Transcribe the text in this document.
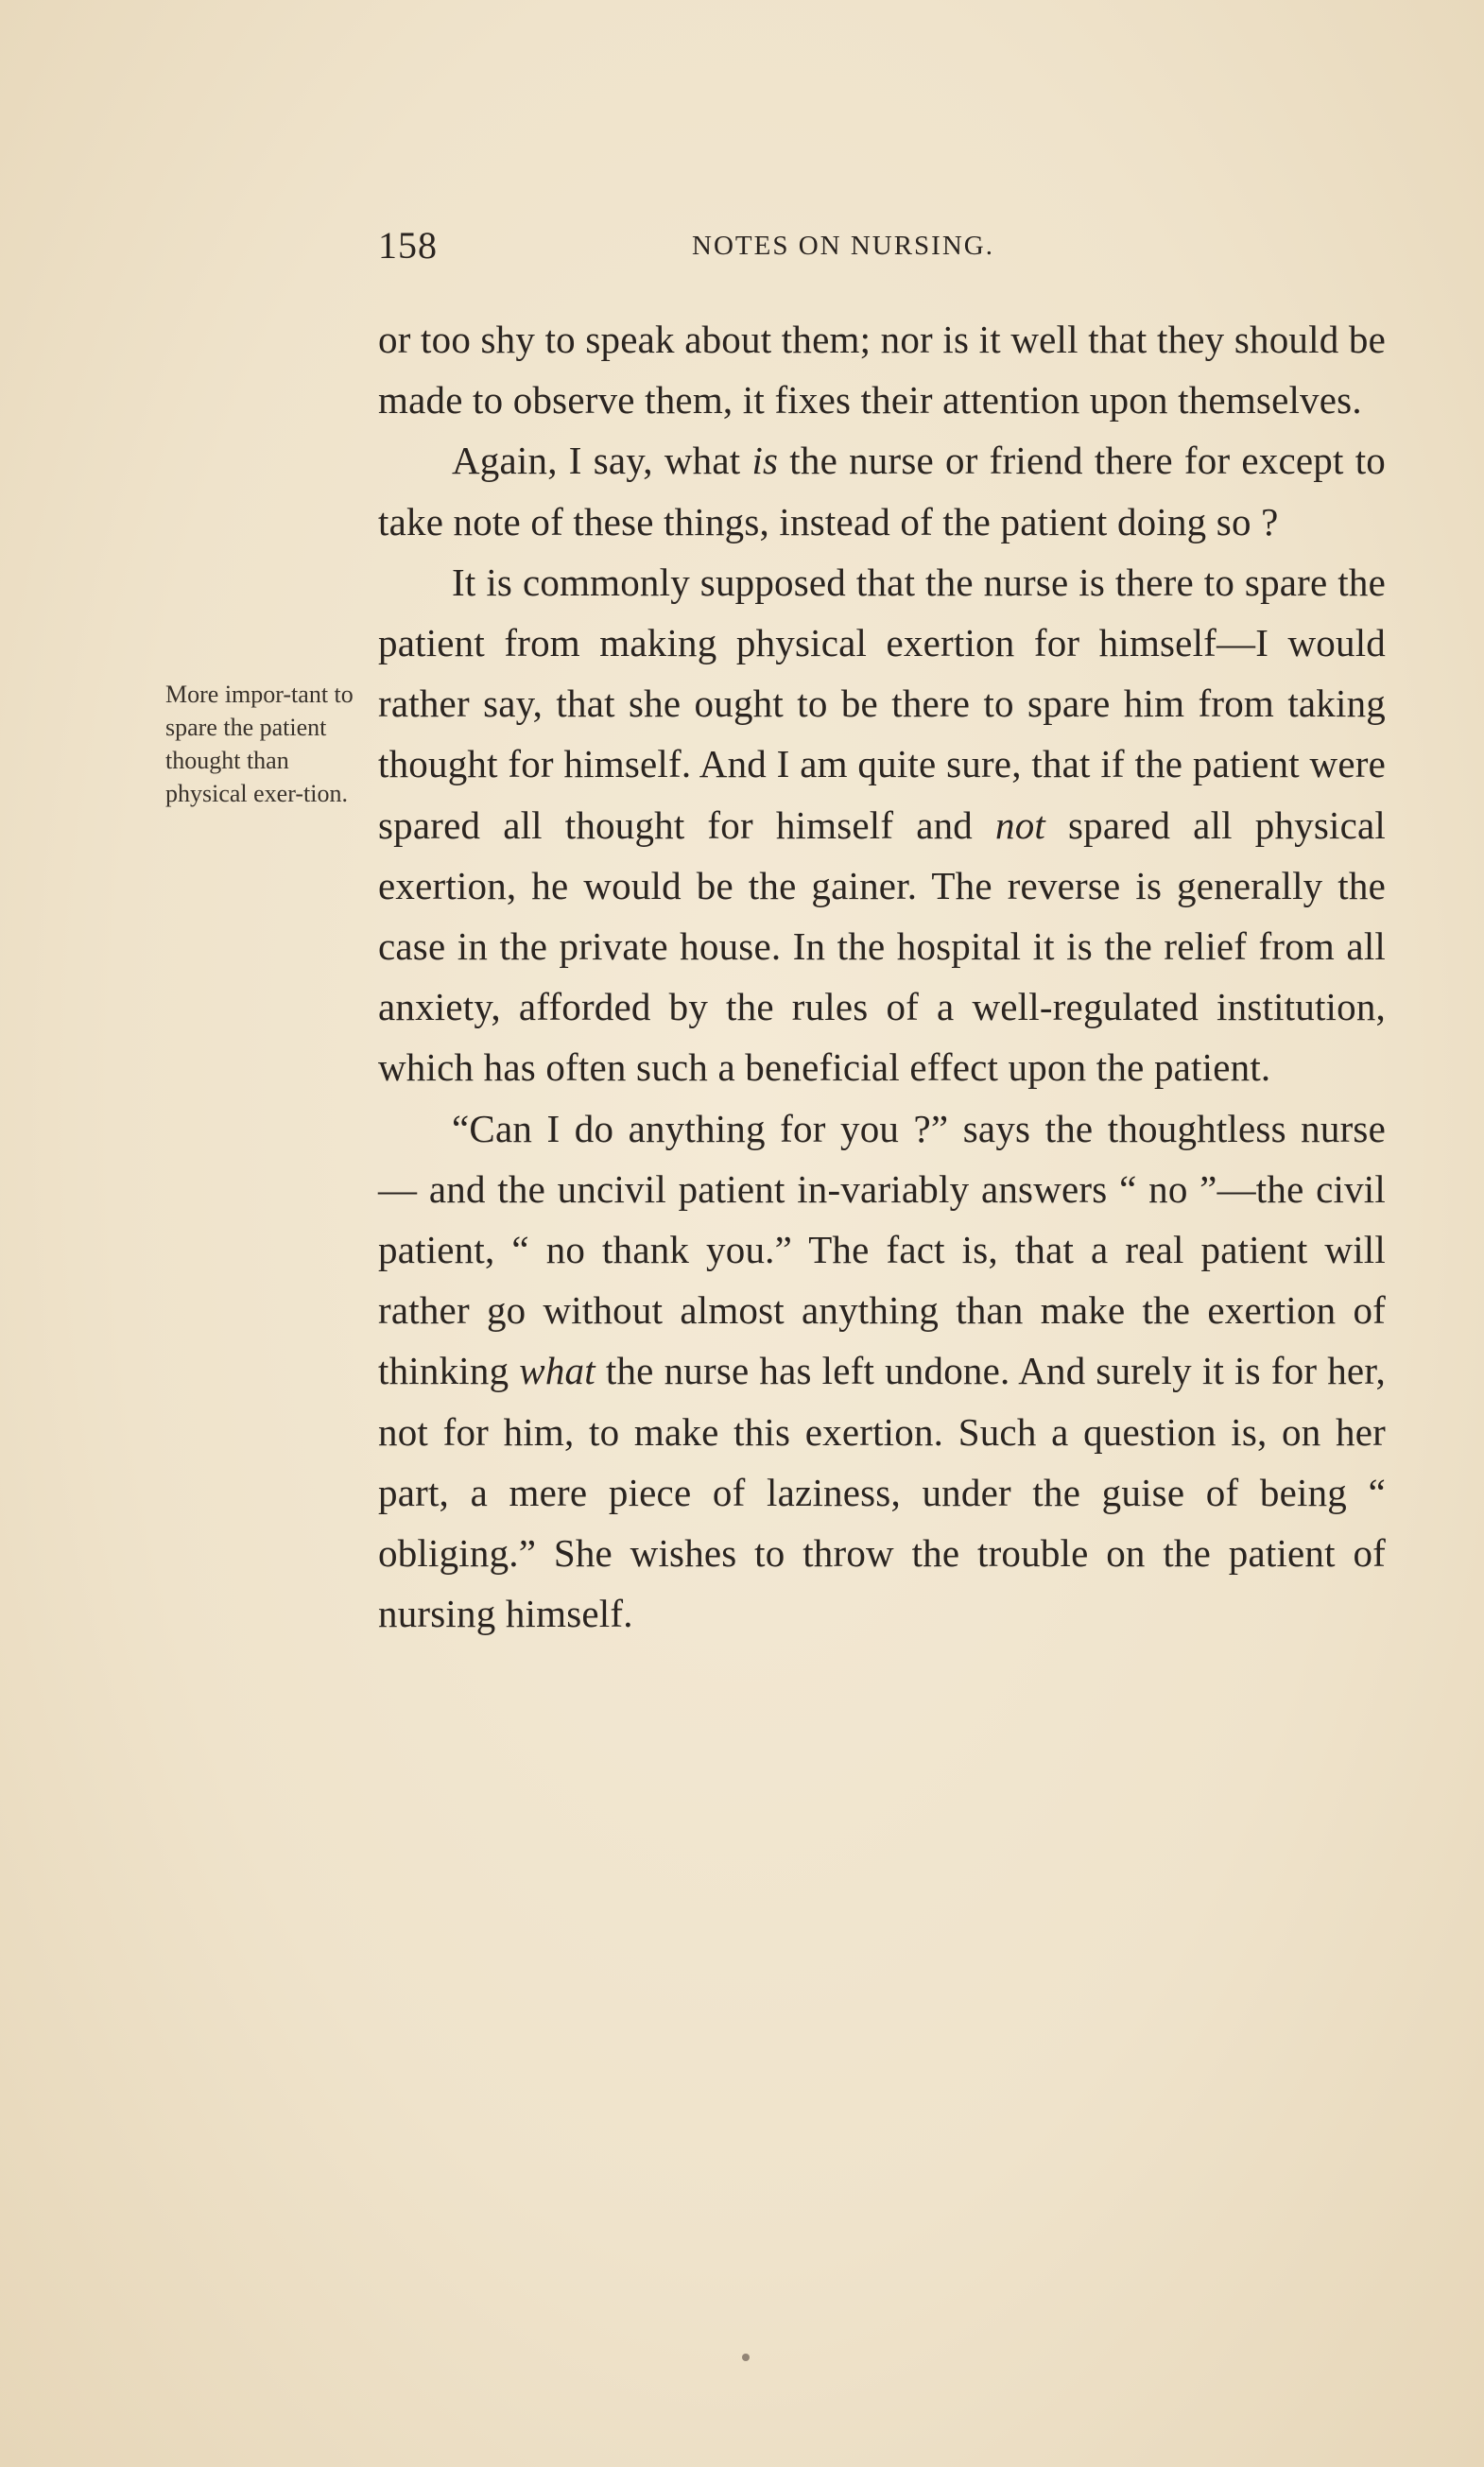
158	NOTES ON NURSING.
More impor-tant to spare the patient thought than physical exer-tion.

or too shy to speak about them; nor is it well that they should be made to observe them, it fixes their attention upon themselves.

Again, I say, what is the nurse or friend there for except to take note of these things, instead of the patient doing so ?

It is commonly supposed that the nurse is there to spare the patient from making physical exertion for himself—I would rather say, that she ought to be there to spare him from taking thought for himself. And I am quite sure, that if the patient were spared all thought for himself and not spared all physical exertion, he would be the gainer. The reverse is generally the case in the private house. In the hospital it is the relief from all anxiety, afforded by the rules of a well-regulated institution, which has often such a beneficial effect upon the patient.

“Can I do anything for you ?” says the thoughtless nurse — and the uncivil patient in-variably answers “ no ”—the civil patient, “ no thank you.” The fact is, that a real patient will rather go without almost anything than make the exertion of thinking what the nurse has left undone. And surely it is for her, not for him, to make this exertion. Such a question is, on her part, a mere piece of laziness, under the guise of being “ obliging.” She wishes to throw the trouble on the patient of nursing himself.
